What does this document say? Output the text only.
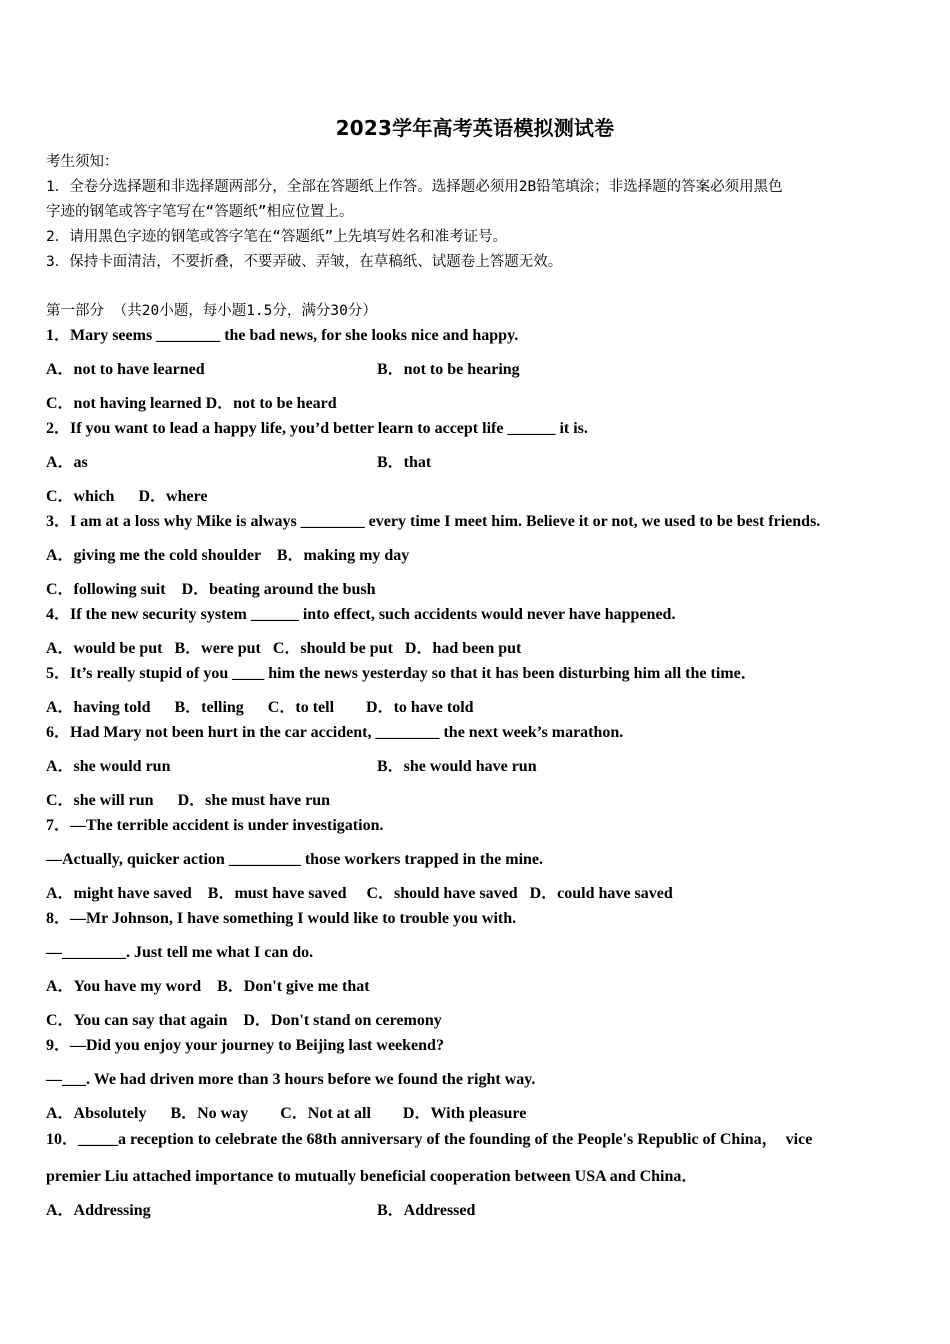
2023学年高考英语模拟测试卷
考生须知：
1．全卷分选择题和非选择题两部分，全部在答题纸上作答。选择题必须用2B铅笔填涂；非选择题的答案必须用黑色
字迹的钢笔或答字笔写在“答题纸”相应位置上。
2．请用黑色字迹的钢笔或答字笔在“答题纸”上先填写姓名和准考证号。
3．保持卡面清洁，不要折叠，不要弄破、弄皱，在草稿纸、试题卷上答题无效。
第一部分 （共20小题，每小题1.5分，满分30分）
1．Mary seems ________ the bad news, for she looks nice and happy.
A．not to have learned	B．not to be hearing
C．not having learned D．not to be heard
2．If you want to lead a happy life, you’d better learn to accept life ______ it is.
A．as	B．that
C．which      D．where
3．I am at a loss why Mike is always ________ every time I meet him. Believe it or not, we used to be best friends.
A．giving me the cold shoulder    B．making my day
C．following suit    D．beating around the bush
4．If the new security system ______ into effect, such accidents would never have happened.
A．would be put   B．were put   C．should be put   D．had been put
5．It’s really stupid of you ____ him the news yesterday so that it has been disturbing him all the time．
A．having told      B．telling      C．to tell        D．to have told
6．Had Mary not been hurt in the car accident, ________ the next week’s marathon.
A．she would run	B．she would have run
C．she will run      D．she must have run
7．—The terrible accident is under investigation.
—Actually, quicker action _________ those workers trapped in the mine.
A．might have saved    B．must have saved     C．should have saved   D．could have saved
8．—Mr Johnson, I have something I would like to trouble you with.
—________. Just tell me what I can do.
A．You have my word    B．Don't give me that
C．You can say that again    D．Don't stand on ceremony
9．—Did you enjoy your journey to Beijing last weekend?
—___. We had driven more than 3 hours before we found the right way.
A．Absolutely      B．No way        C．Not at all        D．With pleasure
10．_____a reception to celebrate the 68th anniversary of the founding of the People's Republic of China，  vice
premier Liu attached importance to mutually beneficial cooperation between USA and China．
A．Addressing	B．Addressed
